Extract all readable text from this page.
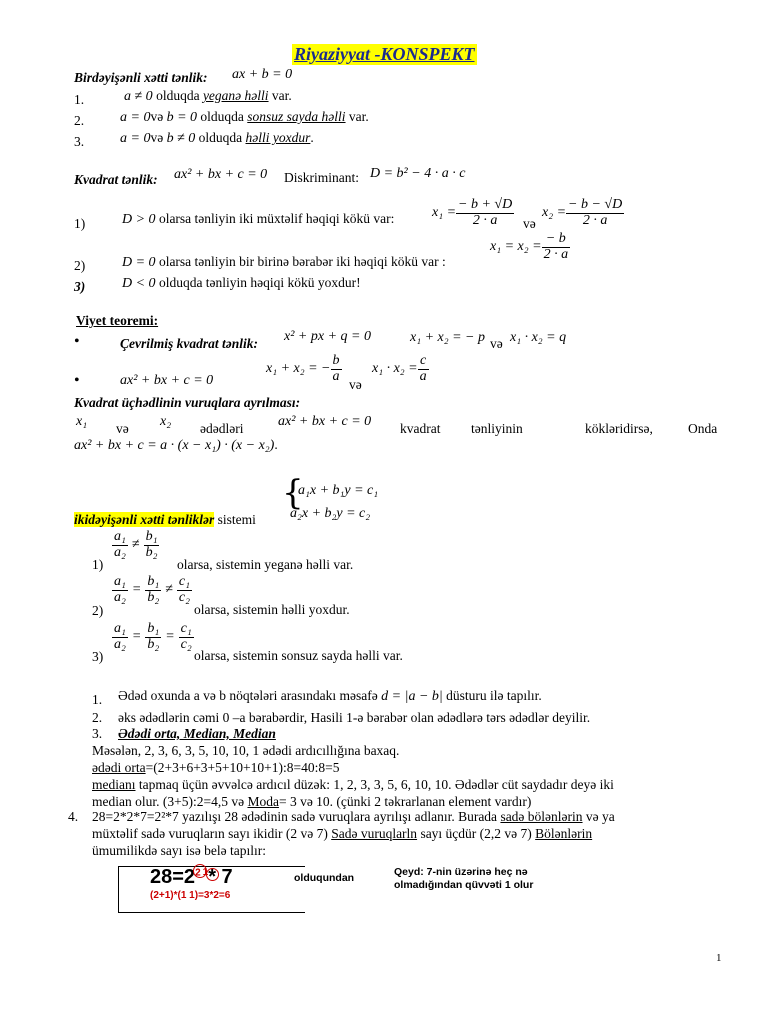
Riyaziyyat -KONSPEKT
Birdəyişənli xətti tənlik: ax + b = 0
1.	a ≠ 0 olduqda yeganə həlli var.
2.	a = 0və b = 0 olduqda sonsuz sayda həlli var.
3.	a = 0və b ≠ 0 olduqda həlli yoxdur.
Kvadrat tənlik: ax² + bx + c = 0 Diskriminant: D = b² − 4 · a · c
1)	D > 0 olarsa tənliyin iki müxtəlif həqiqi kökü var:	$x_1 = \frac{- b + √D}{2 \cdot a}$ və
$x_2 = \frac{- b - √D}{2 \cdot a}$
2)	D = 0 olarsa tənliyin bir birinə bərabər iki həqiqi kökü var :
$x_1 = x_2 = \frac{- b}{2 \cdot a}$
3)	D < 0 olduqda tənliyin həqiqi kökü yoxdur!
Viyet teoremi:
•	Çevrilmiş kvadrat tənlik: x² + px + q = 0	x₁ + x₂ = − p və x₁ · x₂ = q
•	ax² + bx + c = 0
x₁ + x₂ = − $\frac{b}{a}$
və
$x_1 \cdot x_2 = \frac{c}{a}$
Kvadrat üçhədlinin vuruqlara ayrılması:
x₁ və x₂ ədədləri ax² + bx + c = 0 kvadrat tənliyinin	kökləridirsə,	Onda
ax² + bx + c = a · (x − x₁) · (x − x₂).
{
a₁x + b₁y = c₁
a₂x + b₂y = c₂
ikidəyişənli xətti tənliklər sistemi
$\frac{\text{a₁}}{\text{a₂}} \ne \frac{\text{b₁}}{\text{b₂}}$
1)	olarsa, sistemin yeganə həlli var.
$\frac{\text{a₁}}{\text{a₂}} = \frac{\text{b₁}}{\text{b₂}} \ne \frac{\text{c₁}}{\text{c₂}}$
2)	olarsa, sistemin həlli yoxdur.
$\frac{\text{a₁}}{\text{a₂}} = \frac{\text{b₁}}{\text{b₂}} = \frac{\text{c₁}}{\text{c₂}}$
3)	olarsa, sistemin sonsuz sayda həlli var.
1. Ədəd oxunda a və b nöqtələri arasındakı məsafə d = |a − b| düsturu ilə tapılır.
2. əks ədədlərin cəmi 0 –a bərabərdir, Hasili 1-ə bərabər olan ədədlərə tərs ədədlər deyilir.
3. Ədədi orta, Median, Median
Məsələn, 2, 3, 6, 3, 5, 10, 10, 1 ədədi ardıcıllığına baxaq.
ədədi orta=(2+3+6+3+5+10+10+1):8=40:8=5
medianı tapmaq üçün əvvəlcə ardıcıl düzək: 1, 2, 3, 3, 5, 6, 10, 10. Ədədlər cüt saydadır deyə iki
median olur. (3+5):2=4,5 və Moda= 3 və 10. (çünki 2 təkrarlanan element vardır)
4. 28=2*2*7=2²*7 yazılışı 28 ədədinin sadə vuruqlara ayrılışı adlanır. Burada sadə bölənlərin və ya
müxtəlif sadə vuruqların sayı ikidir (2 və 7) Sadə vuruqlarln sayı üçdür (2,2 və 7) Bölənlərin
ümumilikdə sayı isə belə tapılır:
$28=2^2$ $^1$* 7	olduqundan
(2+1)*(1 1)=3*2=6
Qeyd: 7-nin üzərinə heç nə
olmadığından qüvvəti 1 olur
1
